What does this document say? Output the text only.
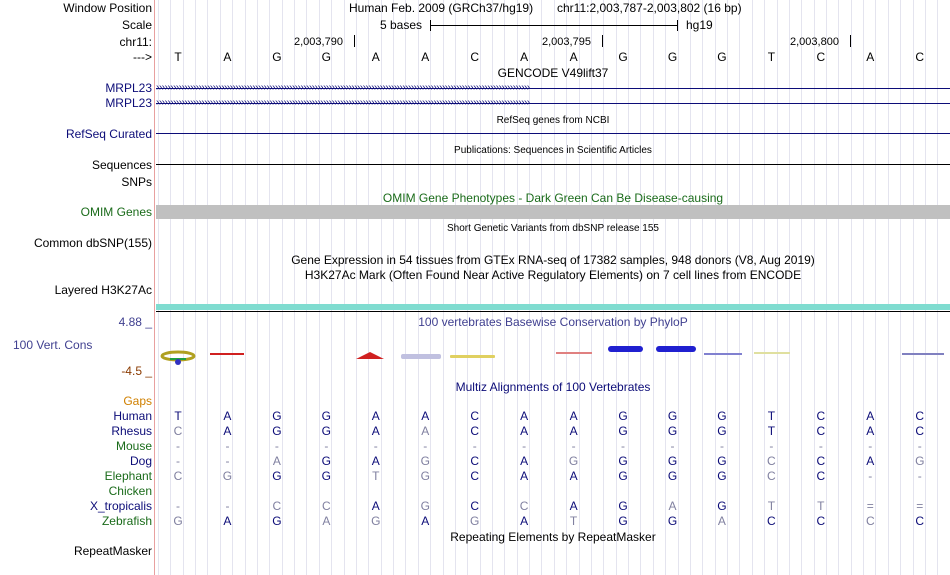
Window Position	Human Feb. 2009 (GRCh37/hg19) chr11:2,003,787-2,003,802 (16 bp)
Scale	5 bases	hg19
chr11:	2,003,790	2,003,795	2,003,800
--->	T	A	G	G	A	A	C	A	A	G	G	G	T	C	A	C
GENCODE V49lift37
MRPL23 ››››››››››››››››››››››››››››››››››››››››››››››››››››››››››››››››››››››››››››››››››››››››››››››››››››››››››››››››››››››››››››››››››››
MRPL23 ››››››››››››››››››››››››››››››››››››››››››››››››››››››››››››››››››››››››››››››››››››››››››››››››››››››››››››››››››››››››››››››››››››
RefSeq genes from NCBI
RefSeq Curated
Publications: Sequences in Scientific Articles
Sequences
SNPs
OMIM Gene Phenotypes - Dark Green Can Be Disease-causing
OMIM Genes
Short Genetic Variants from dbSNP release 155
Common dbSNP(155)
Gene Expression in 54 tissues from GTEx RNA-seq of 17382 samples, 948 donors (V8, Aug 2019)
H3K27Ac Mark (Often Found Near Active Regulatory Elements) on 7 cell lines from ENCODE
Layered H3K27Ac
100 vertebrates Basewise Conservation by PhyloP
4.88 _
100 Vert. Cons
-4.5 _
Multiz Alignments of 100 Vertebrates
Gaps
Human	T	A	G	G	A	A	C	A	A	G	G	G	T	C	A	C
Rhesus	C	A	G	G	A	A	C	A	A	G	G	G	T	C	A	C
Mouse	-	-	-	-	-	-	-	-	-	-	-	-	-	-	-	-
Dog	-	-	A	G	A	G	C	A	G	G	G	G	C	C	A	G
Elephant	C	G	G	G	T	G	C	A	A	G	G	G	C	C	-	-
Chicken
X_tropicalis	-	-	C	C	A	G	C	C	A	G	A	G	T	T	=	=
Zebrafish	G	A	G	A	G	A	G	A	T	G	G	A	C	C	C	C
Repeating Elements by RepeatMasker
RepeatMasker
